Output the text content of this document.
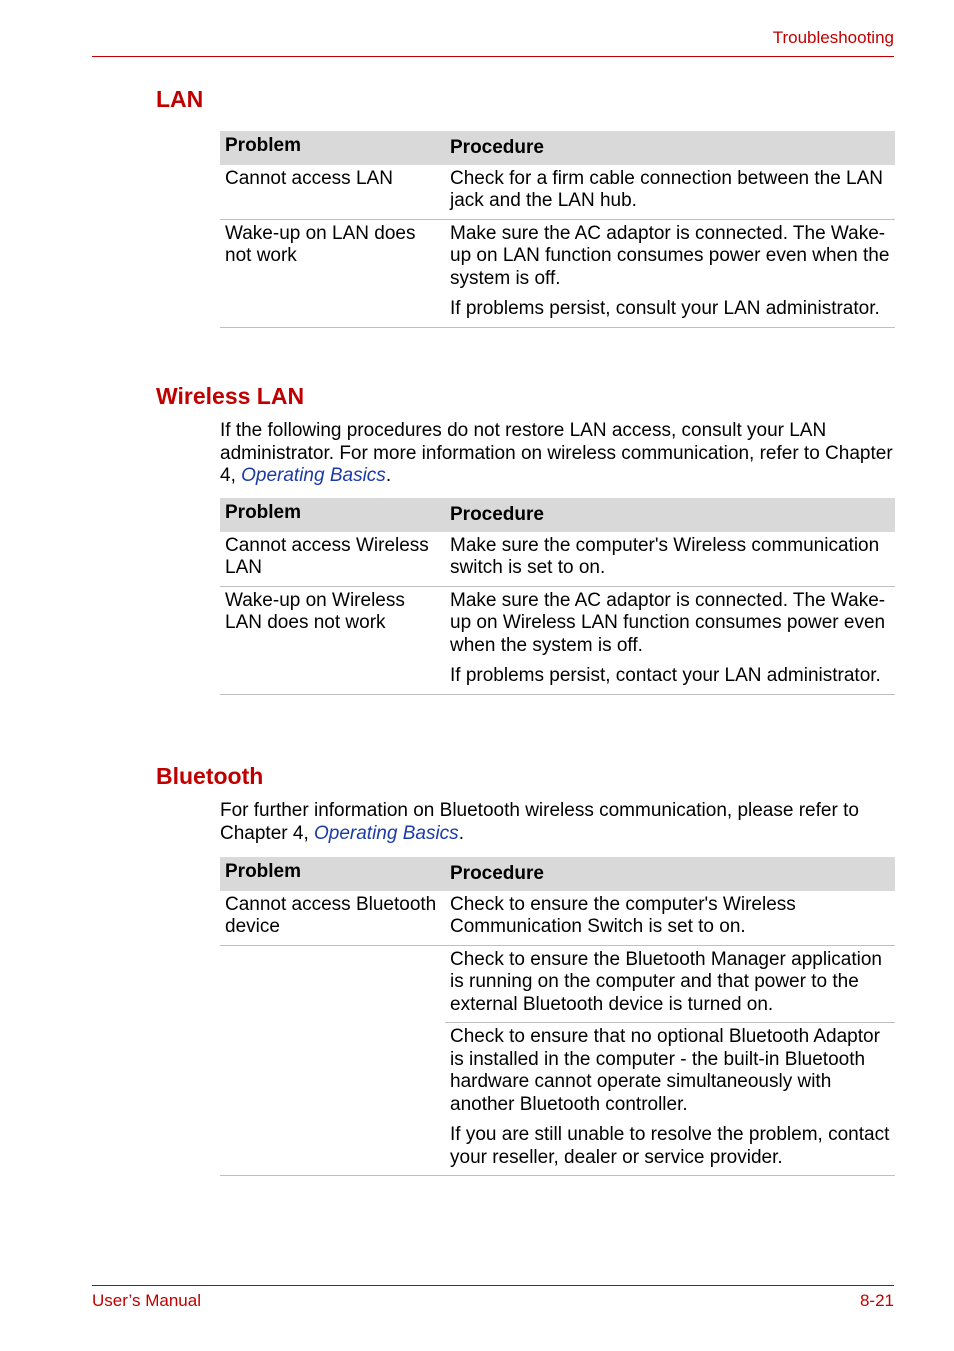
Troubleshooting
LAN
Problem	Procedure
Cannot access LAN	Check for a firm cable connection between the LAN jack and the LAN hub.

Wake-up on LAN does not work	Make sure the AC adaptor is connected. The Wake-up on LAN function consumes power even when the system is off.
If problems persist, consult your LAN administrator.
Wireless LAN
If the following procedures do not restore LAN access, consult your LAN administrator. For more information on wireless communication, refer to Chapter 4, Operating Basics.
Problem	Procedure
Cannot access Wireless LAN	Make sure the computer's Wireless communication switch is set to on.

Wake-up on Wireless LAN does not work	Make sure the AC adaptor is connected. The Wake-up on Wireless LAN function consumes power even when the system is off.
If problems persist, contact your LAN administrator.
Bluetooth
For further information on Bluetooth wireless communication, please refer to Chapter 4, Operating Basics.
Problem	Procedure
Cannot access Bluetooth device	Check to ensure the computer's Wireless Communication Switch is set to on.

	Check to ensure the Bluetooth Manager application is running on the computer and that power to the external Bluetooth device is turned on.

	Check to ensure that no optional Bluetooth Adaptor is installed in the computer - the built-in Bluetooth hardware cannot operate simultaneously with another Bluetooth controller.
If you are still unable to resolve the problem, contact your reseller, dealer or service provider.
User’s Manual	8-21
